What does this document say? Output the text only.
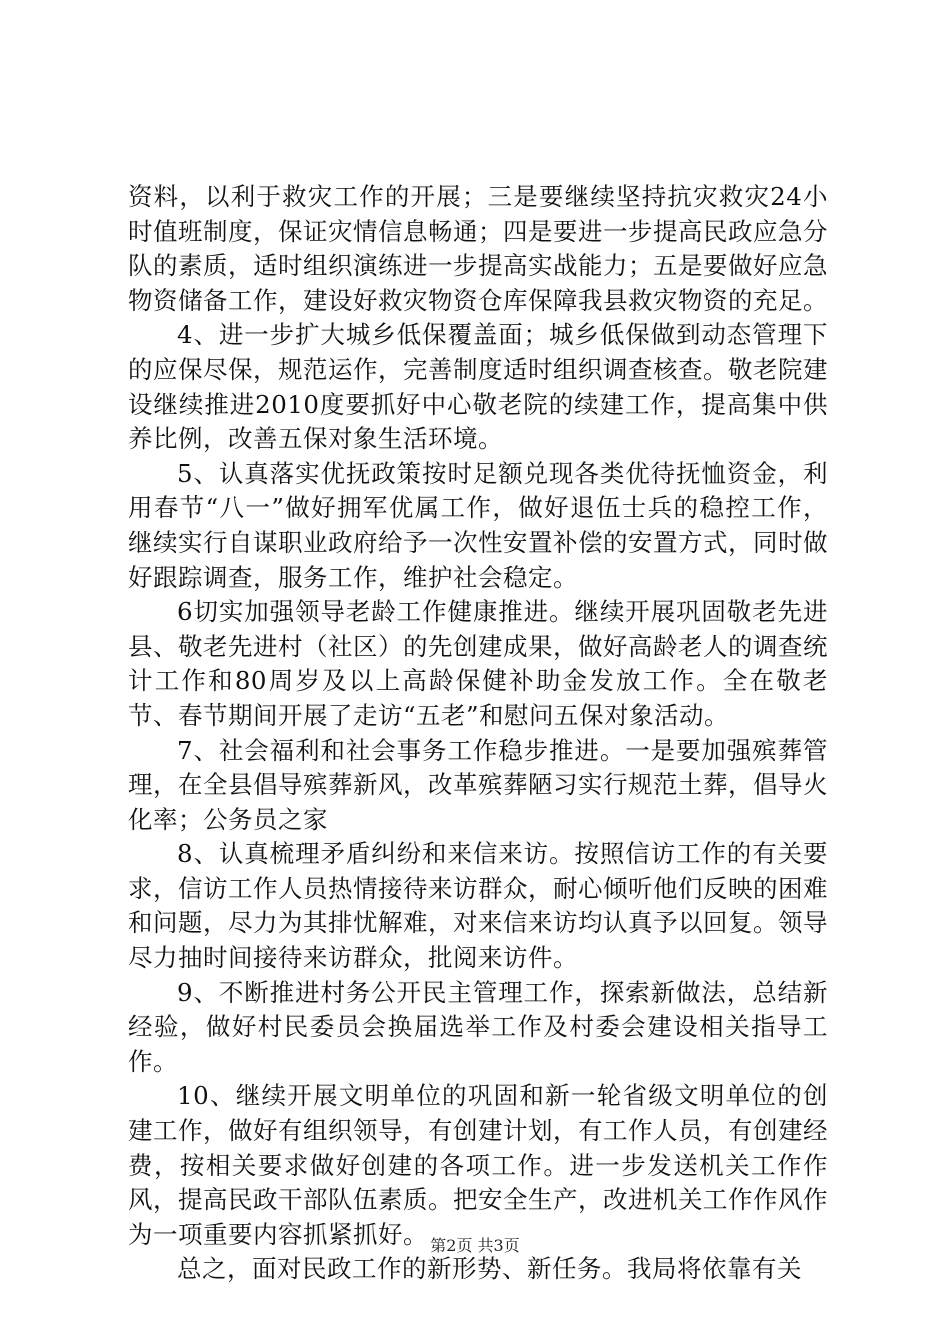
资料，以利于救灾工作的开展；三是要继续坚持抗灾救灾24小时值班制度，保证灾情信息畅通；四是要进一步提高民政应急分队的素质，适时组织演练进一步提高实战能力；五是要做好应急物资储备工作，建设好救灾物资仓库保障我县救灾物资的充足。

4、进一步扩大城乡低保覆盖面；城乡低保做到动态管理下的应保尽保，规范运作，完善制度适时组织调查核查。敬老院建设继续推进2010度要抓好中心敬老院的续建工作，提高集中供养比例，改善五保对象生活环境。

5、认真落实优抚政策按时足额兑现各类优待抚恤资金，利用春节“八一”做好拥军优属工作，做好退伍士兵的稳控工作，继续实行自谋职业政府给予一次性安置补偿的安置方式，同时做好跟踪调查，服务工作，维护社会稳定。

6切实加强领导老龄工作健康推进。继续开展巩固敬老先进县、敬老先进村（社区）的先创建成果，做好高龄老人的调查统计工作和80周岁及以上高龄保健补助金发放工作。全在敬老节、春节期间开展了走访“五老”和慰问五保对象活动。

7、社会福利和社会事务工作稳步推进。一是要加强殡葬管理，在全县倡导殡葬新风，改革殡葬陋习实行规范土葬，倡导火化率；公务员之家

8、认真梳理矛盾纠纷和来信来访。按照信访工作的有关要求，信访工作人员热情接待来访群众，耐心倾听他们反映的困难和问题，尽力为其排忧解难，对来信来访均认真予以回复。领导尽力抽时间接待来访群众，批阅来访件。

9、不断推进村务公开民主管理工作，探索新做法，总结新经验，做好村民委员会换届选举工作及村委会建设相关指导工作。

10、继续开展文明单位的巩固和新一轮省级文明单位的创建工作，做好有组织领导，有创建计划，有工作人员，有创建经费，按相关要求做好创建的各项工作。进一步发送机关工作作风，提高民政干部队伍素质。把安全生产，改进机关工作作风作为一项重要内容抓紧抓好。

总之，面对民政工作的新形势、新任务。我局将依靠有关

第2页 共3页
